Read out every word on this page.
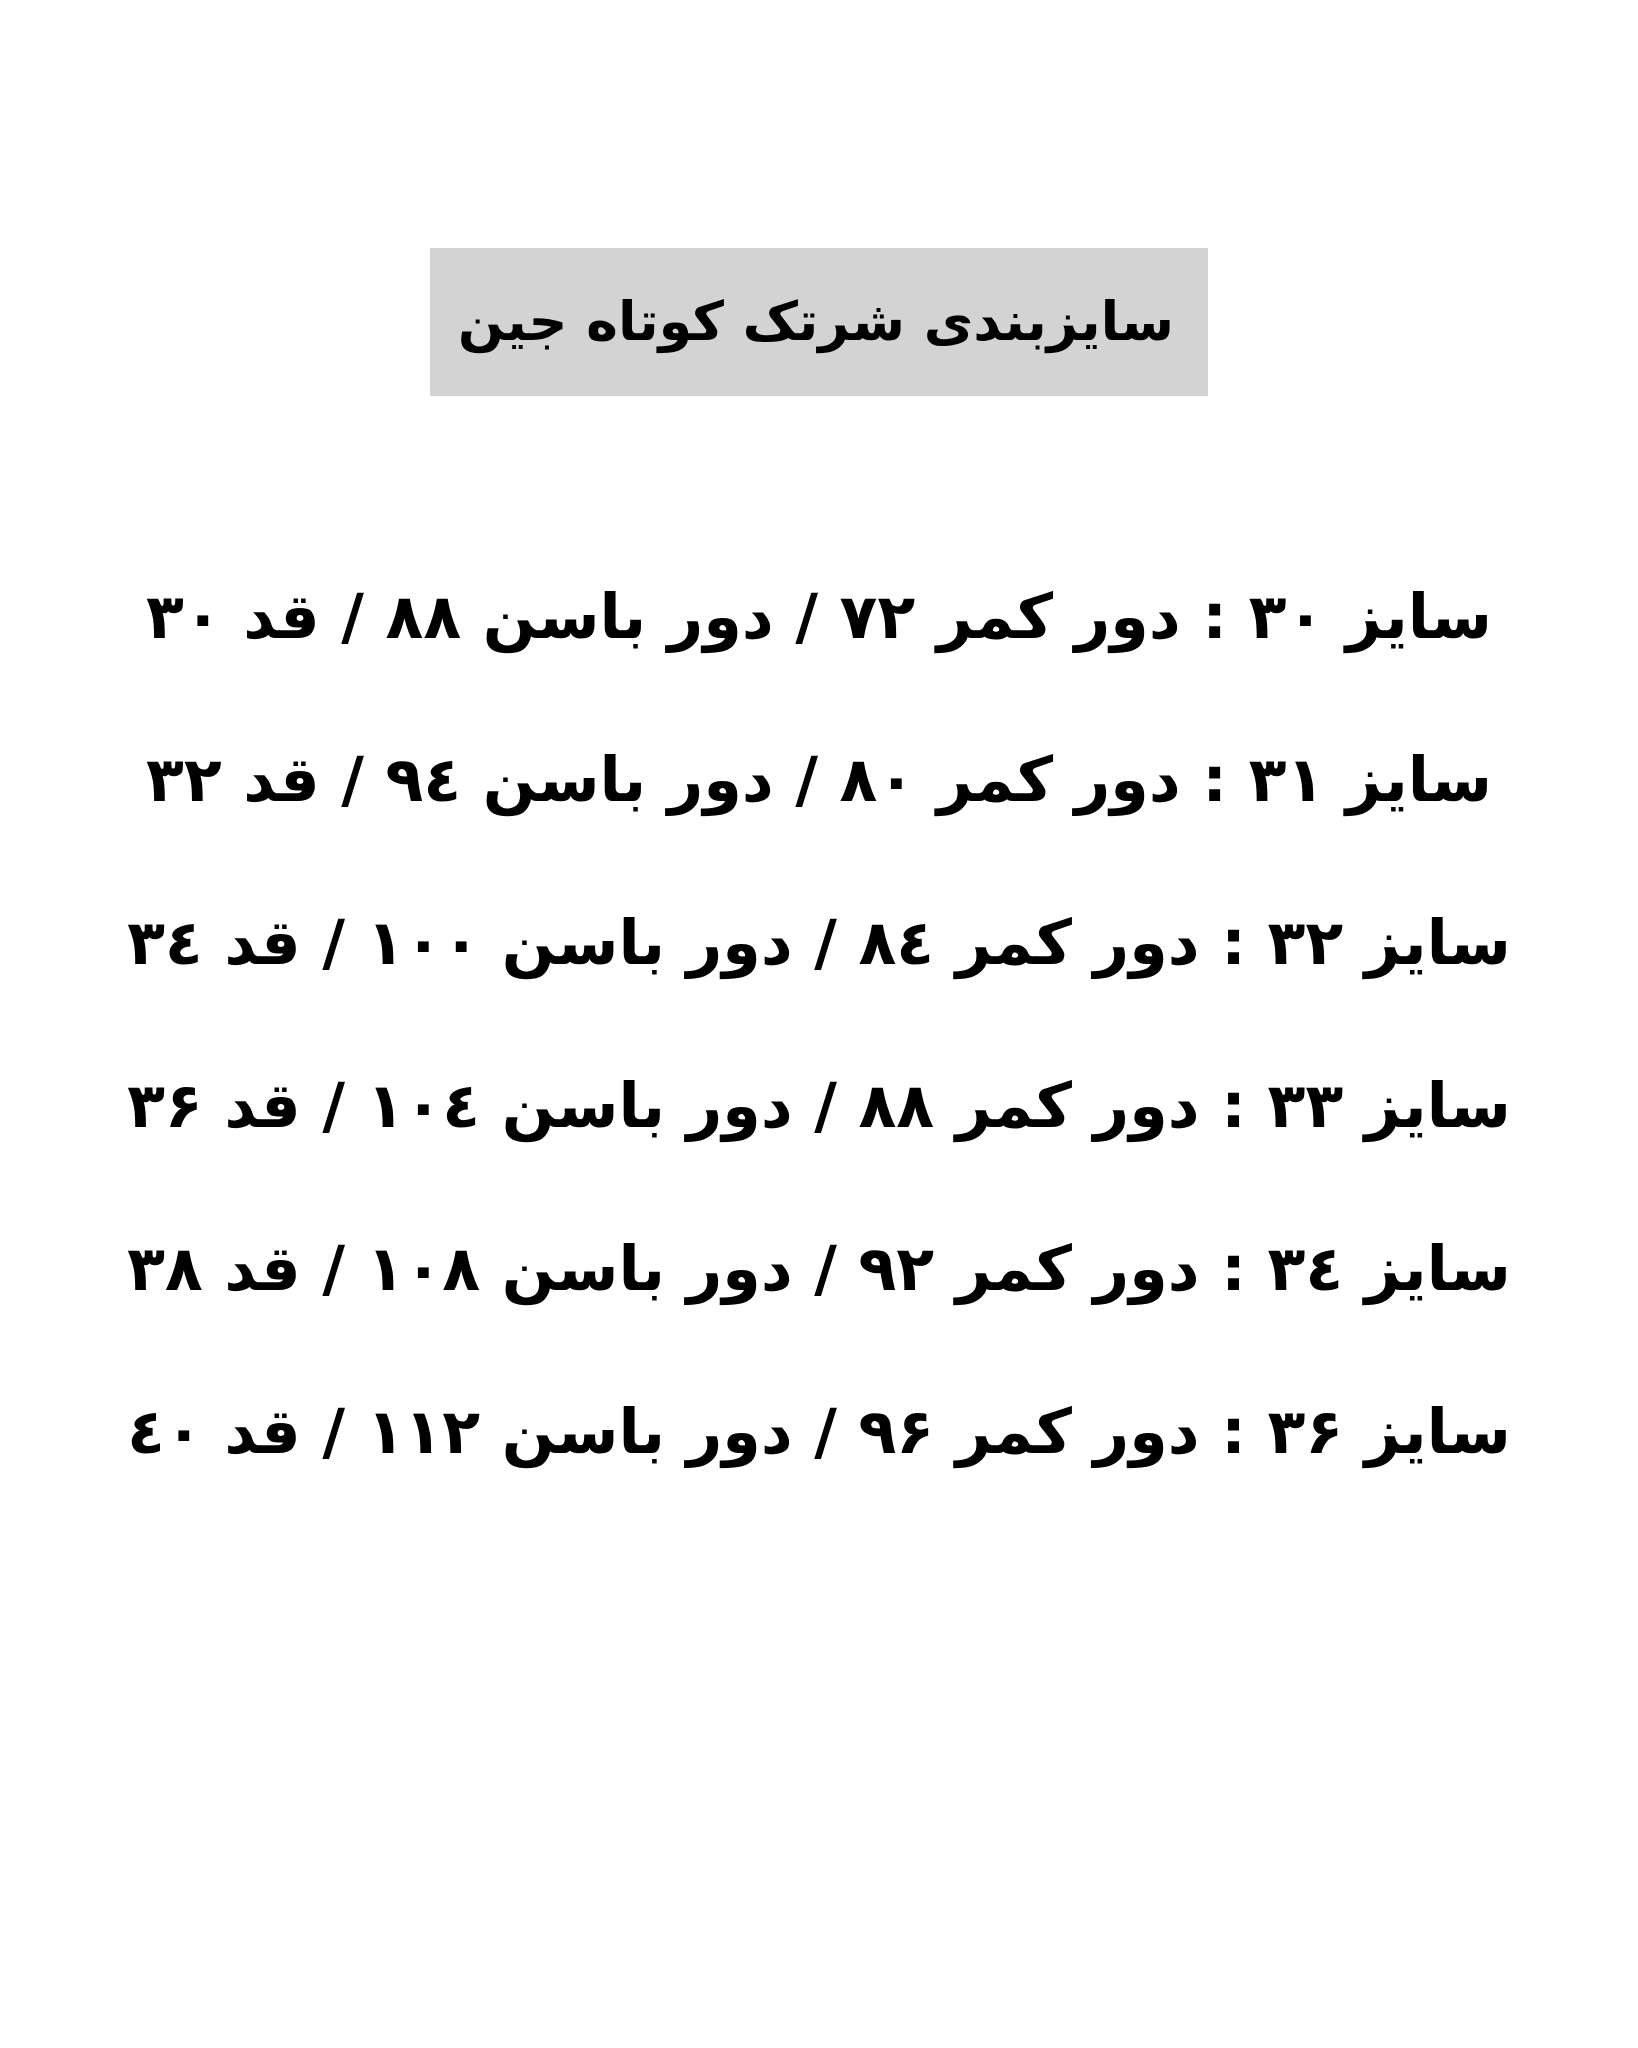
سایزبندی شرتک کوتاه جین
سایز ۳۰ : دور کمر ۷۲ / دور باسن ۸۸ / قد ۳۰
سایز ۳۱ : دور کمر ۸۰ / دور باسن ۹٤ / قد ۳۲
سایز ۳۲ : دور کمر ۸٤ / دور باسن ۱۰۰ / قد ۳٤
سایز ۳۳ : دور کمر ۸۸ / دور باسن ۱۰٤ / قد ۳۶
سایز ۳٤ : دور کمر ۹۲ / دور باسن ۱۰۸ / قد ۳۸
سایز ۳۶ : دور کمر ۹۶ / دور باسن ۱۱۲ / قد ٤۰
